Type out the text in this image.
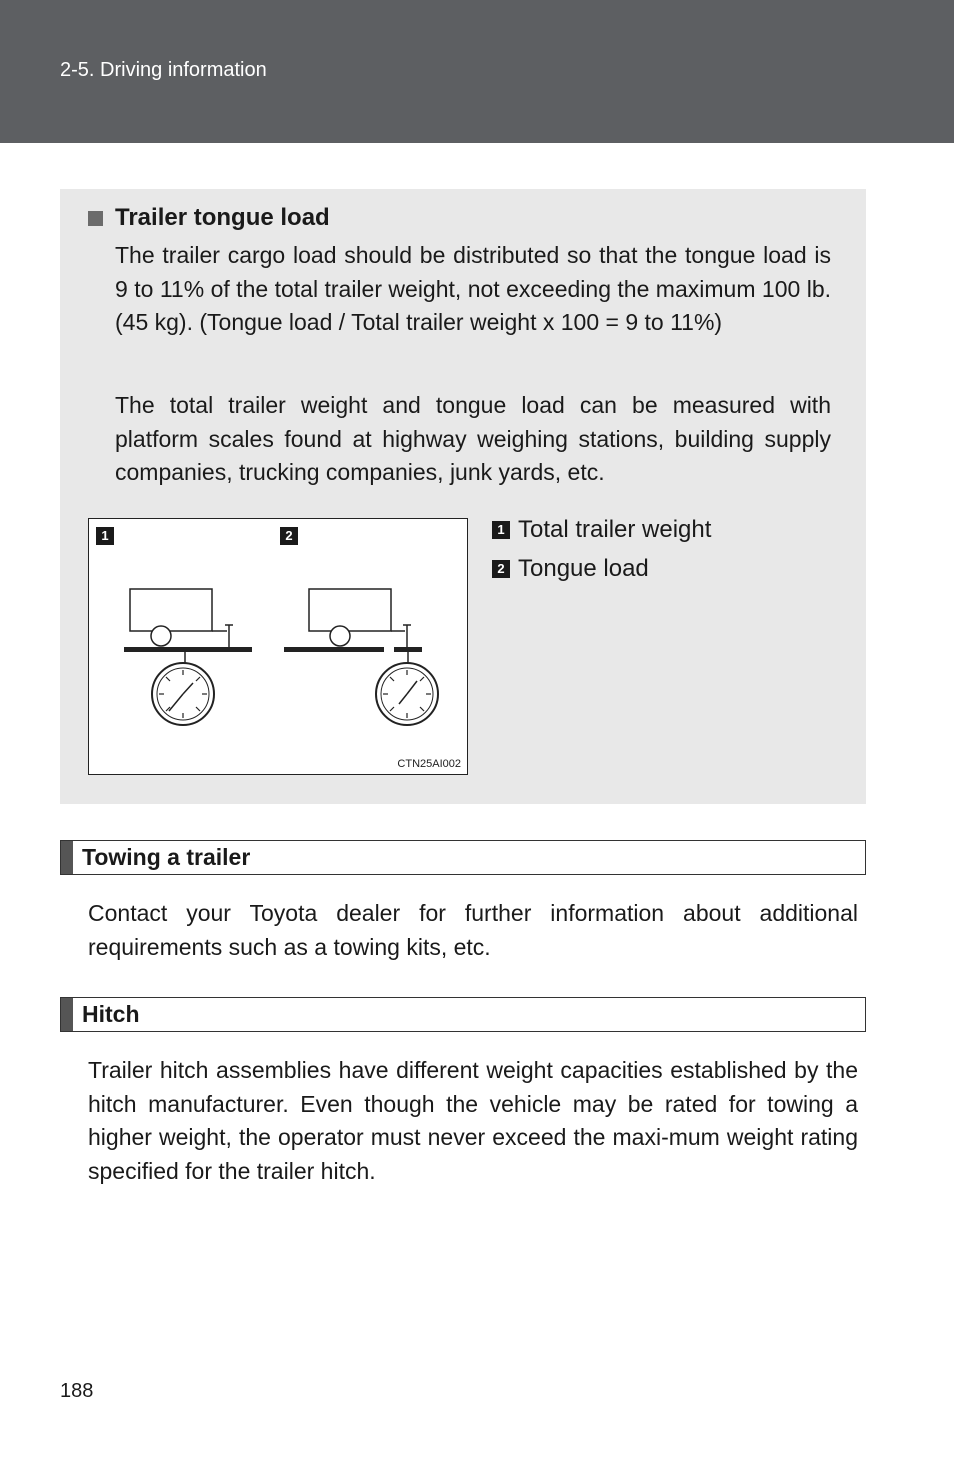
2-5. Driving information
Trailer tongue load
The trailer cargo load should be distributed so that the tongue load is 9 to 11% of the total trailer weight, not exceeding the maximum 100 lb. (45 kg). (Tongue load / Total trailer weight x 100 = 9 to 11%)
The total trailer weight and tongue load can be measured with platform scales found at highway weighing stations, building supply companies, trucking companies, junk yards, etc.
1	2
CTN25AI002
1 Total trailer weight
2 Tongue load
Towing a trailer
Contact your Toyota dealer for further information about additional requirements such as a towing kits, etc.
Hitch
Trailer hitch assemblies have different weight capacities established by the hitch manufacturer. Even though the vehicle may be rated for towing a higher weight, the operator must never exceed the maxi-mum weight rating specified for the trailer hitch.
188
